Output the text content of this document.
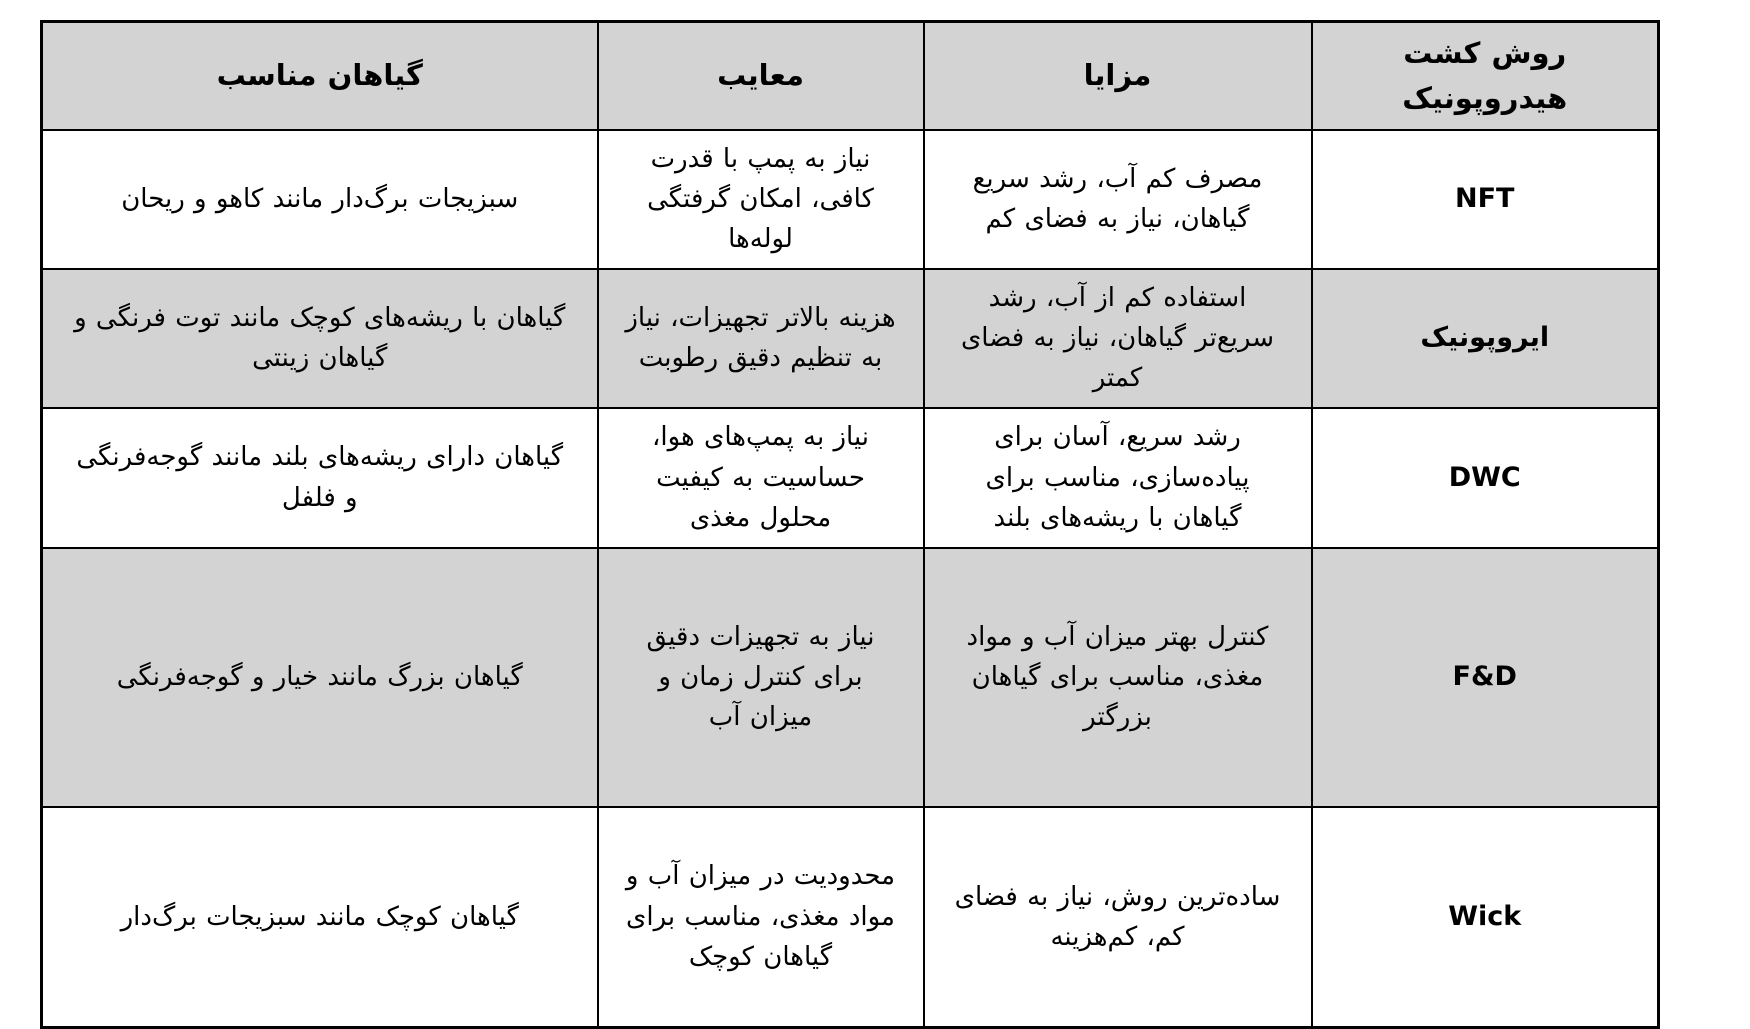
روش کشت هیدروپونیک	مزایا	معایب	گیاهان مناسب
NFT	مصرف کم آب، رشد سریع گیاهان، نیاز به فضای کم	نیاز به پمپ با قدرت کافی، امکان گرفتگی لوله‌ها	سبزیجات برگ‌دار مانند کاهو و ریحان
ایروپونیک	استفاده کم از آب، رشد سریع‌تر گیاهان، نیاز به فضای کمتر	هزینه بالاتر تجهیزات، نیاز به تنظیم دقیق رطوبت	گیاهان با ریشه‌های کوچک مانند توت فرنگی و گیاهان زینتی
DWC	رشد سریع، آسان برای پیاده‌سازی، مناسب برای گیاهان با ریشه‌های بلند	نیاز به پمپ‌های هوا، حساسیت به کیفیت محلول مغذی	گیاهان دارای ریشه‌های بلند مانند گوجه‌فرنگی و فلفل
F&D	کنترل بهتر میزان آب و مواد مغذی، مناسب برای گیاهان بزرگتر	نیاز به تجهیزات دقیق برای کنترل زمان و میزان آب	گیاهان بزرگ مانند خیار و گوجه‌فرنگی
Wick	ساده‌ترین روش، نیاز به فضای کم، کم‌هزینه	محدودیت در میزان آب و مواد مغذی، مناسب برای گیاهان کوچک	گیاهان کوچک مانند سبزیجات برگ‌دار
